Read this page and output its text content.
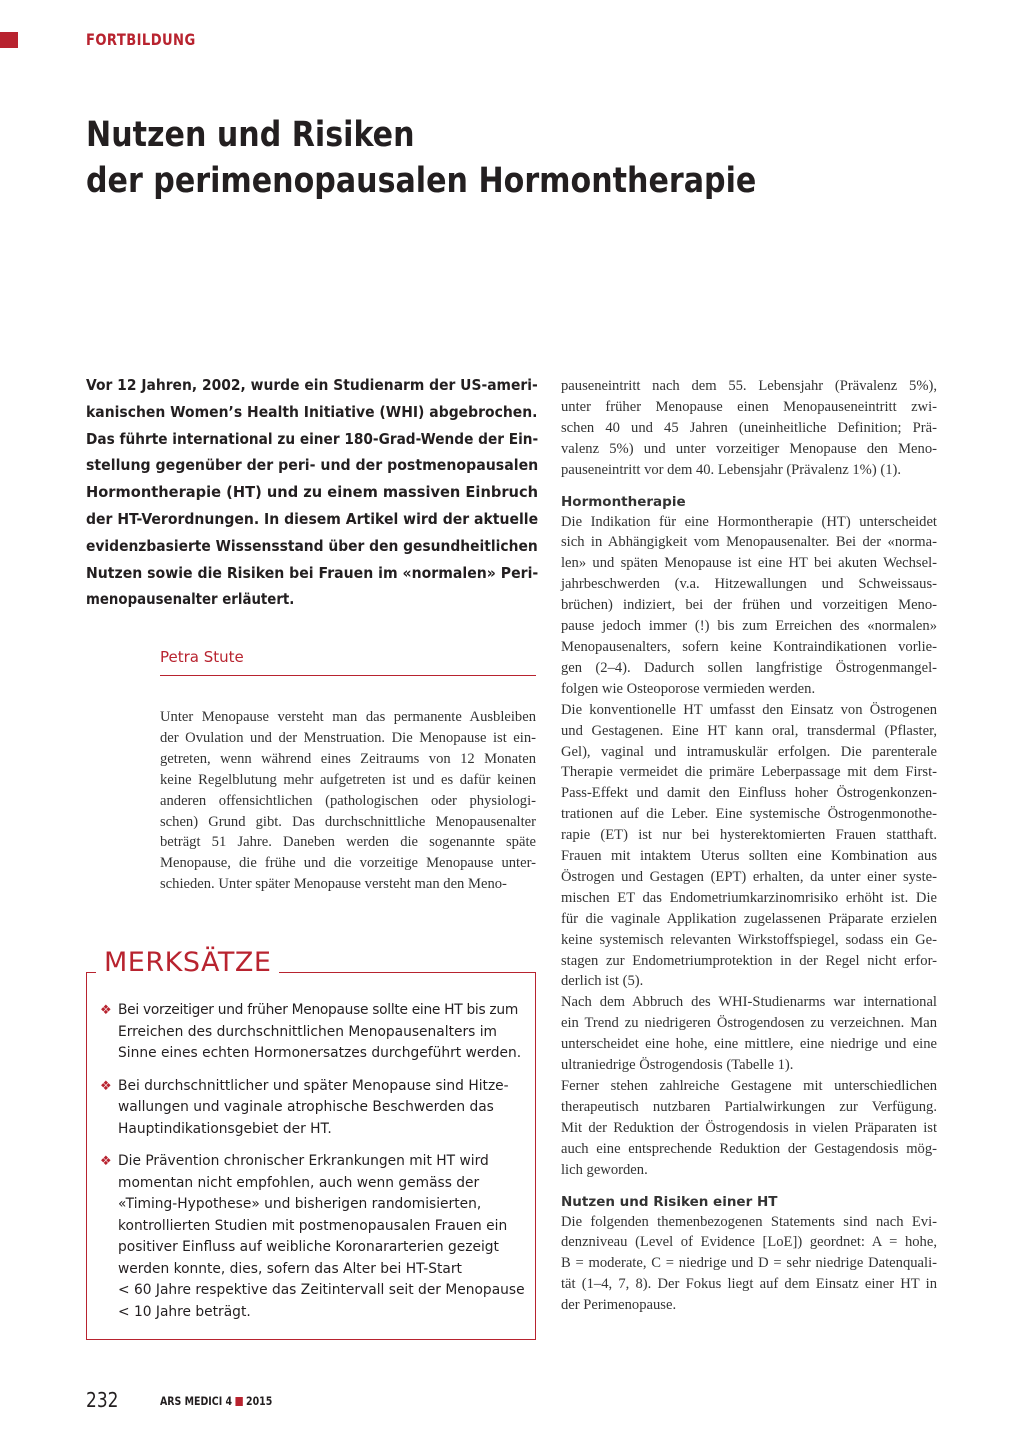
FORTBILDUNG
Nutzen und Risiken
der perimenopausalen Hormontherapie
Vor 12 Jahren, 2002, wurde ein Studienarm der US-ameri-
kanischen Women’s Health Initiative (WHI) abgebrochen.
Das führte international zu einer 180-Grad-Wende der Ein-
stellung gegenüber der peri- und der postmenopausalen
Hormontherapie (HT) und zu einem massiven Einbruch
der HT-Verordnungen. In diesem Artikel wird der aktuelle
evidenzbasierte Wissensstand über den gesundheitlichen
Nutzen sowie die Risiken bei Frauen im «normalen» Peri-
menopausenalter erläutert.
Petra Stute
Unter Menopause versteht man das permanente Ausbleiben
der Ovulation und der Menstruation. Die Menopause ist ein-
getreten, wenn während eines Zeitraums von 12 Monaten
keine Regelblutung mehr aufgetreten ist und es dafür keinen
anderen offensichtlichen (pathologischen oder physiologi-
schen) Grund gibt. Das durchschnittliche Menopausenalter
beträgt 51 Jahre. Daneben werden die sogenannte späte
Menopause, die frühe und die vorzeitige Menopause unter-
schieden. Unter später Menopause versteht man den Meno-
MERKSÄTZE
❖ Bei vorzeitiger und früher Menopause sollte eine HT bis zum
Erreichen des durchschnittlichen Menopausenalters im
Sinne eines echten Hormonersatzes durchgeführt werden.
❖ Bei durchschnittlicher und später Menopause sind Hitze-
wallungen und vaginale atrophische Beschwerden das
Hauptindikationsgebiet der HT.
❖ Die Prävention chronischer Erkrankungen mit HT wird
momentan nicht empfohlen, auch wenn gemäss der
«Timing-Hypothese» und bisherigen randomisierten,
kontrollierten Studien mit postmenopausalen Frauen ein
positiver Einfluss auf weibliche Koronararterien gezeigt
werden konnte, dies, sofern das Alter bei HT-Start
< 60 Jahre respektive das Zeitintervall seit der Menopause
< 10 Jahre beträgt.
pauseneintritt nach dem 55. Lebensjahr (Prävalenz 5%),
unter früher Menopause einen Menopauseneintritt zwi-
schen 40 und 45 Jahren (uneinheitliche Definition; Prä-
valenz 5%) und unter vorzeitiger Menopause den Meno-
pauseneintritt vor dem 40. Lebensjahr (Prävalenz 1%) (1).
Hormontherapie
Die Indikation für eine Hormontherapie (HT) unterscheidet
sich in Abhängigkeit vom Menopausenalter. Bei der «norma-
len» und späten Menopause ist eine HT bei akuten Wechsel-
jahrbeschwerden (v.a. Hitzewallungen und Schweissaus-
brüchen) indiziert, bei der frühen und vorzeitigen Meno-
pause jedoch immer (!) bis zum Erreichen des «normalen»
Menopausenalters, sofern keine Kontraindikationen vorlie-
gen (2–4). Dadurch sollen langfristige Östrogenmangel-
folgen wie Osteoporose vermieden werden.
Die konventionelle HT umfasst den Einsatz von Östrogenen
und Gestagenen. Eine HT kann oral, transdermal (Pflaster,
Gel), vaginal und intramuskulär erfolgen. Die parenterale
Therapie vermeidet die primäre Leberpassage mit dem First-
Pass-Effekt und damit den Einfluss hoher Östrogenkonzen-
trationen auf die Leber. Eine systemische Östrogenmonothe-
rapie (ET) ist nur bei hysterektomierten Frauen statthaft.
Frauen mit intaktem Uterus sollten eine Kombination aus
Östrogen und Gestagen (EPT) erhalten, da unter einer syste-
mischen ET das Endometriumkarzinomrisiko erhöht ist. Die
für die vaginale Applikation zugelassenen Präparate erzielen
keine systemisch relevanten Wirkstoffspiegel, sodass ein Ge-
stagen zur Endometriumprotektion in der Regel nicht erfor-
derlich ist (5).
Nach dem Abbruch des WHI-Studienarms war international
ein Trend zu niedrigeren Östrogendosen zu verzeichnen. Man
unterscheidet eine hohe, eine mittlere, eine niedrige und eine
ultraniedrige Östrogendosis (Tabelle 1).
Ferner stehen zahlreiche Gestagene mit unterschiedlichen
therapeutisch nutzbaren Partialwirkungen zur Verfügung.
Mit der Reduktion der Östrogendosis in vielen Präparaten ist
auch eine entsprechende Reduktion der Gestagendosis mög-
lich geworden.
Nutzen und Risiken einer HT
Die folgenden themenbezogenen Statements sind nach Evi-
denzniveau (Level of Evidence [LoE]) geordnet: A = hohe,
B = moderate, C = niedrige und D = sehr niedrige Datenquali-
tät (1–4, 7, 8). Der Fokus liegt auf dem Einsatz einer HT in
der Perimenopause.
232	ARS MEDICI 4 2015
